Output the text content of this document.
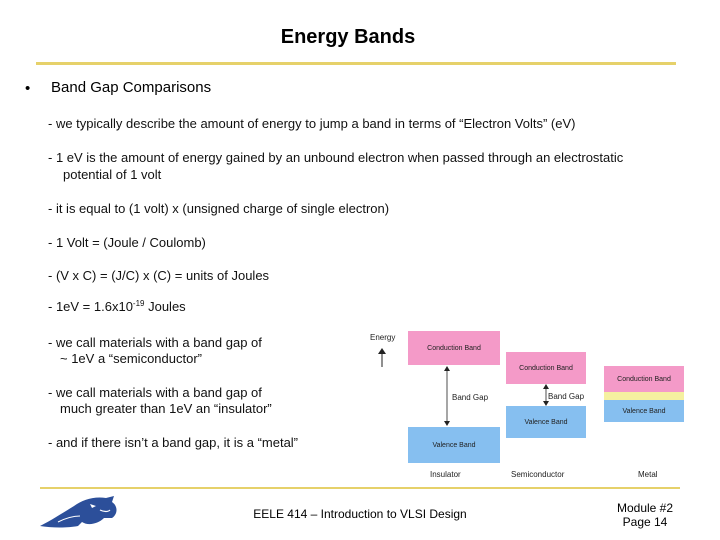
Energy Bands
• Band Gap Comparisons
- we typically describe the amount of energy to jump a band in terms of “Electron Volts” (eV)
- 1 eV is the amount of energy gained by an unbound electron when passed through an electrostatic
potential of 1 volt
- it is equal to (1 volt) x (unsigned charge of single electron)
- 1 Volt = (Joule / Coulomb)
- (V x C) = (J/C) x (C) = units of Joules
- $1eV = 1.6x10^{-19}$ Joules
- we call materials with a band gap of
~ 1eV a “semiconductor”
- we call materials with a band gap of
much greater than 1eV an “insulator”
- and if there isn’t a band gap, it is a “metal”
Energy
Conduction Band
Band Gap
Valence Band
Insulator
Conduction Band
Band Gap
Valence Band
Semiconductor
Conduction Band
Valence Band
Metal
EELE 414 – Introduction to VLSI Design	Module #2
Page 14
